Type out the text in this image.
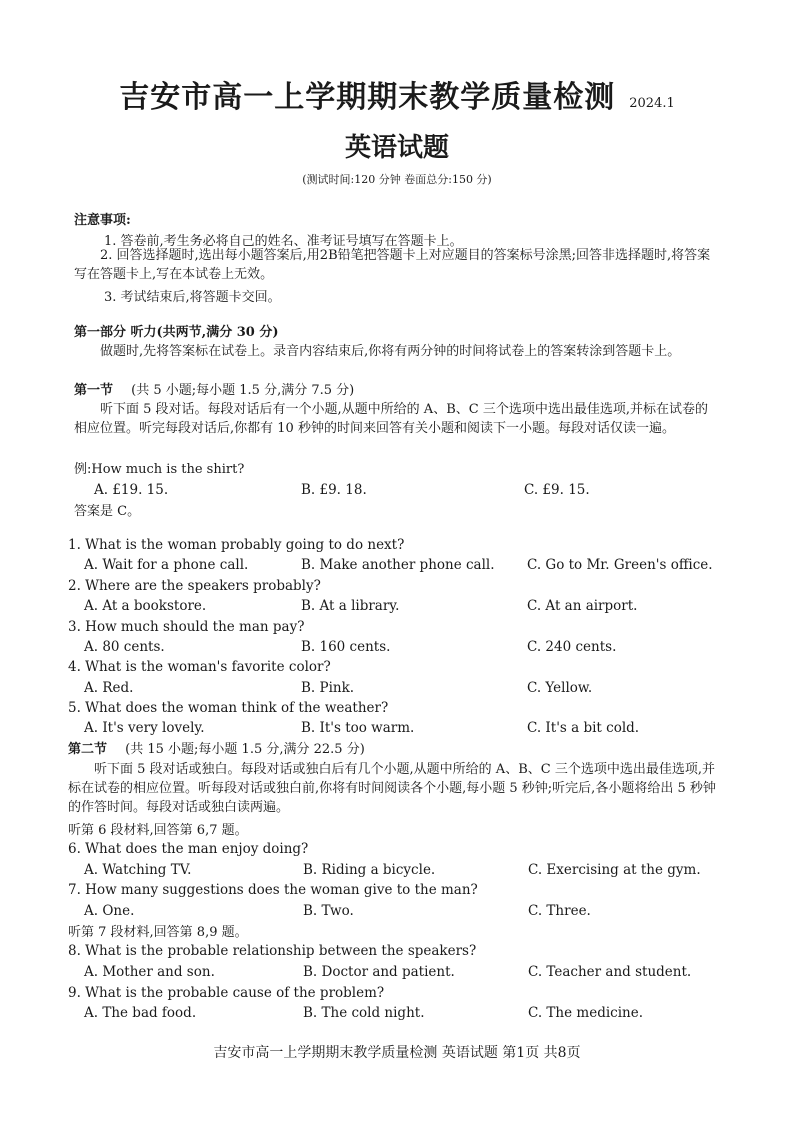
吉安市高一上学期期末教学质量检测 2024.1
英语试题
(测试时间:120 分钟 卷面总分:150 分)
注意事项:
1. 答卷前,考生务必将自己的姓名、准考证号填写在答题卡上。
2. 回答选择题时,选出每小题答案后,用2B铅笔把答题卡上对应题目的答案标号涂黑;回答非选择题时,将答案写在答题卡上,写在本试卷上无效。
3. 考试结束后,将答题卡交回。
第一部分 听力(共两节,满分 30 分)
做题时,先将答案标在试卷上。录音内容结束后,你将有两分钟的时间将试卷上的答案转涂到答题卡上。
第一节 (共 5 小题;每小题 1.5 分,满分 7.5 分)
听下面 5 段对话。每段对话后有一个小题,从题中所给的 A、B、C 三个选项中选出最佳选项,并标在试卷的相应位置。听完每段对话后,你都有 10 秒钟的时间来回答有关小题和阅读下一小题。每段对话仅读一遍。
例:How much is the shirt?
A. £19. 15.	B. £9. 18.	C. £9. 15.
答案是 C。
1. What is the woman probably going to do next?
A. Wait for a phone call.	B. Make another phone call. C. Go to Mr. Green's office.
2. Where are the speakers probably?
A. At a bookstore.	B. At a library.	C. At an airport.
3. How much should the man pay?
A. 80 cents.	B. 160 cents.	C. 240 cents.
4. What is the woman's favorite color?
A. Red.	B. Pink.	C. Yellow.
5. What does the woman think of the weather?
A. It's very lovely.	B. It's too warm.	C. It's a bit cold.
第二节 (共 15 小题;每小题 1.5 分,满分 22.5 分)
听下面 5 段对话或独白。每段对话或独白后有几个小题,从题中所给的 A、B、C 三个选项中选出最佳选项,并标在试卷的相应位置。听每段对话或独白前,你将有时间阅读各个小题,每小题 5 秒钟;听完后,各小题将给出 5 秒钟的作答时间。每段对话或独白读两遍。
听第 6 段材料,回答第 6,7 题。
6. What does the man enjoy doing?
A. Watching TV.	B. Riding a bicycle.	C. Exercising at the gym.
7. How many suggestions does the woman give to the man?
A. One.	B. Two.	C. Three.
听第 7 段材料,回答第 8,9 题。
8. What is the probable relationship between the speakers?
A. Mother and son.	B. Doctor and patient.	C. Teacher and student.
9. What is the probable cause of the problem?
A. The bad food.	B. The cold night.	C. The medicine.
吉安市高一上学期期末教学质量检测 英语试题 第1页 共8页
